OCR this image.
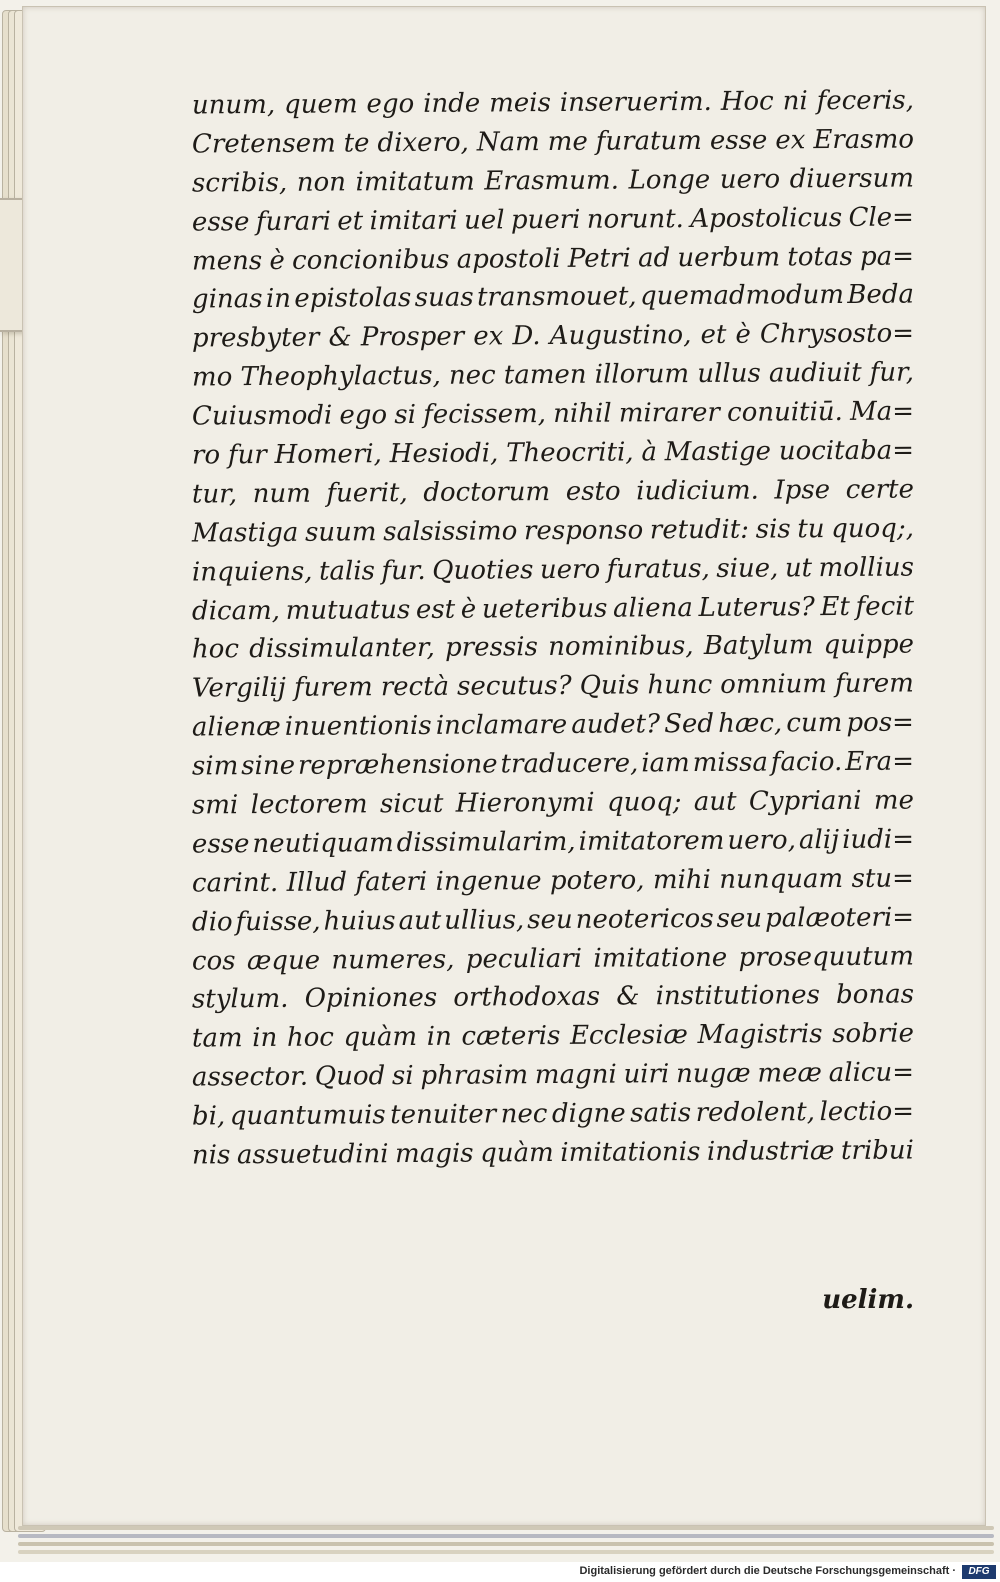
unum, quem ego inde meis inseruerim. Hoc ni feceris,
Cretensem te dixero, Nam me furatum esse ex Erasmo
scribis, non imitatum Erasmum. Longe uero diuersum
esse furari et imitari uel pueri norunt. Apostolicus Cle=
mens è concionibus apostoli Petri ad uerbum totas pa=
ginas in epistolas suas transmouet, quemadmodum Beda
presbyter & Prosper ex D. Augustino, et è Chrysosto=
mo Theophylactus, nec tamen illorum ullus audiuit fur,
Cuiusmodi ego si fecissem, nihil mirarer conuitiū. Ma=
ro fur Homeri, Hesiodi, Theocriti, à Mastige uocitaba=
tur, num fuerit, doctorum esto iudicium. Ipse certe
Mastiga suum salsissimo responso retudit: sis tu quoq;,
inquiens, talis fur. Quoties uero furatus, siue, ut mollius
dicam, mutuatus est è ueteribus aliena Luterus? Et fecit
hoc dissimulanter, pressis nominibus, Batylum quippe
Vergilij furem rectà secutus? Quis hunc omnium furem
alienæ inuentionis inclamare audet? Sed hæc, cum pos=
sim sine repræhensione traducere, iam missa facio. Era=
smi lectorem sicut Hieronymi quoq; aut Cypriani me
esse neutiquam dissimularim, imitatorem uero, alij iudi=
carint. Illud fateri ingenue potero, mihi nunquam stu=
dio fuisse, huius aut ullius, seu neotericos seu palæoteri=
cos æque numeres, peculiari imitatione prosequutum
stylum. Opiniones orthodoxas & institutiones bonas
tam in hoc quàm in cæteris Ecclesiæ Magistris sobrie
assector. Quod si phrasim magni uiri nugæ meæ alicu=
bi, quantumuis tenuiter nec digne satis redolent, lectio=
nis assuetudini magis quàm imitationis industriæ tribui
uelim.
Digitalisierung gefördert durch die Deutsche Forschungsgemeinschaft ·	DFG
